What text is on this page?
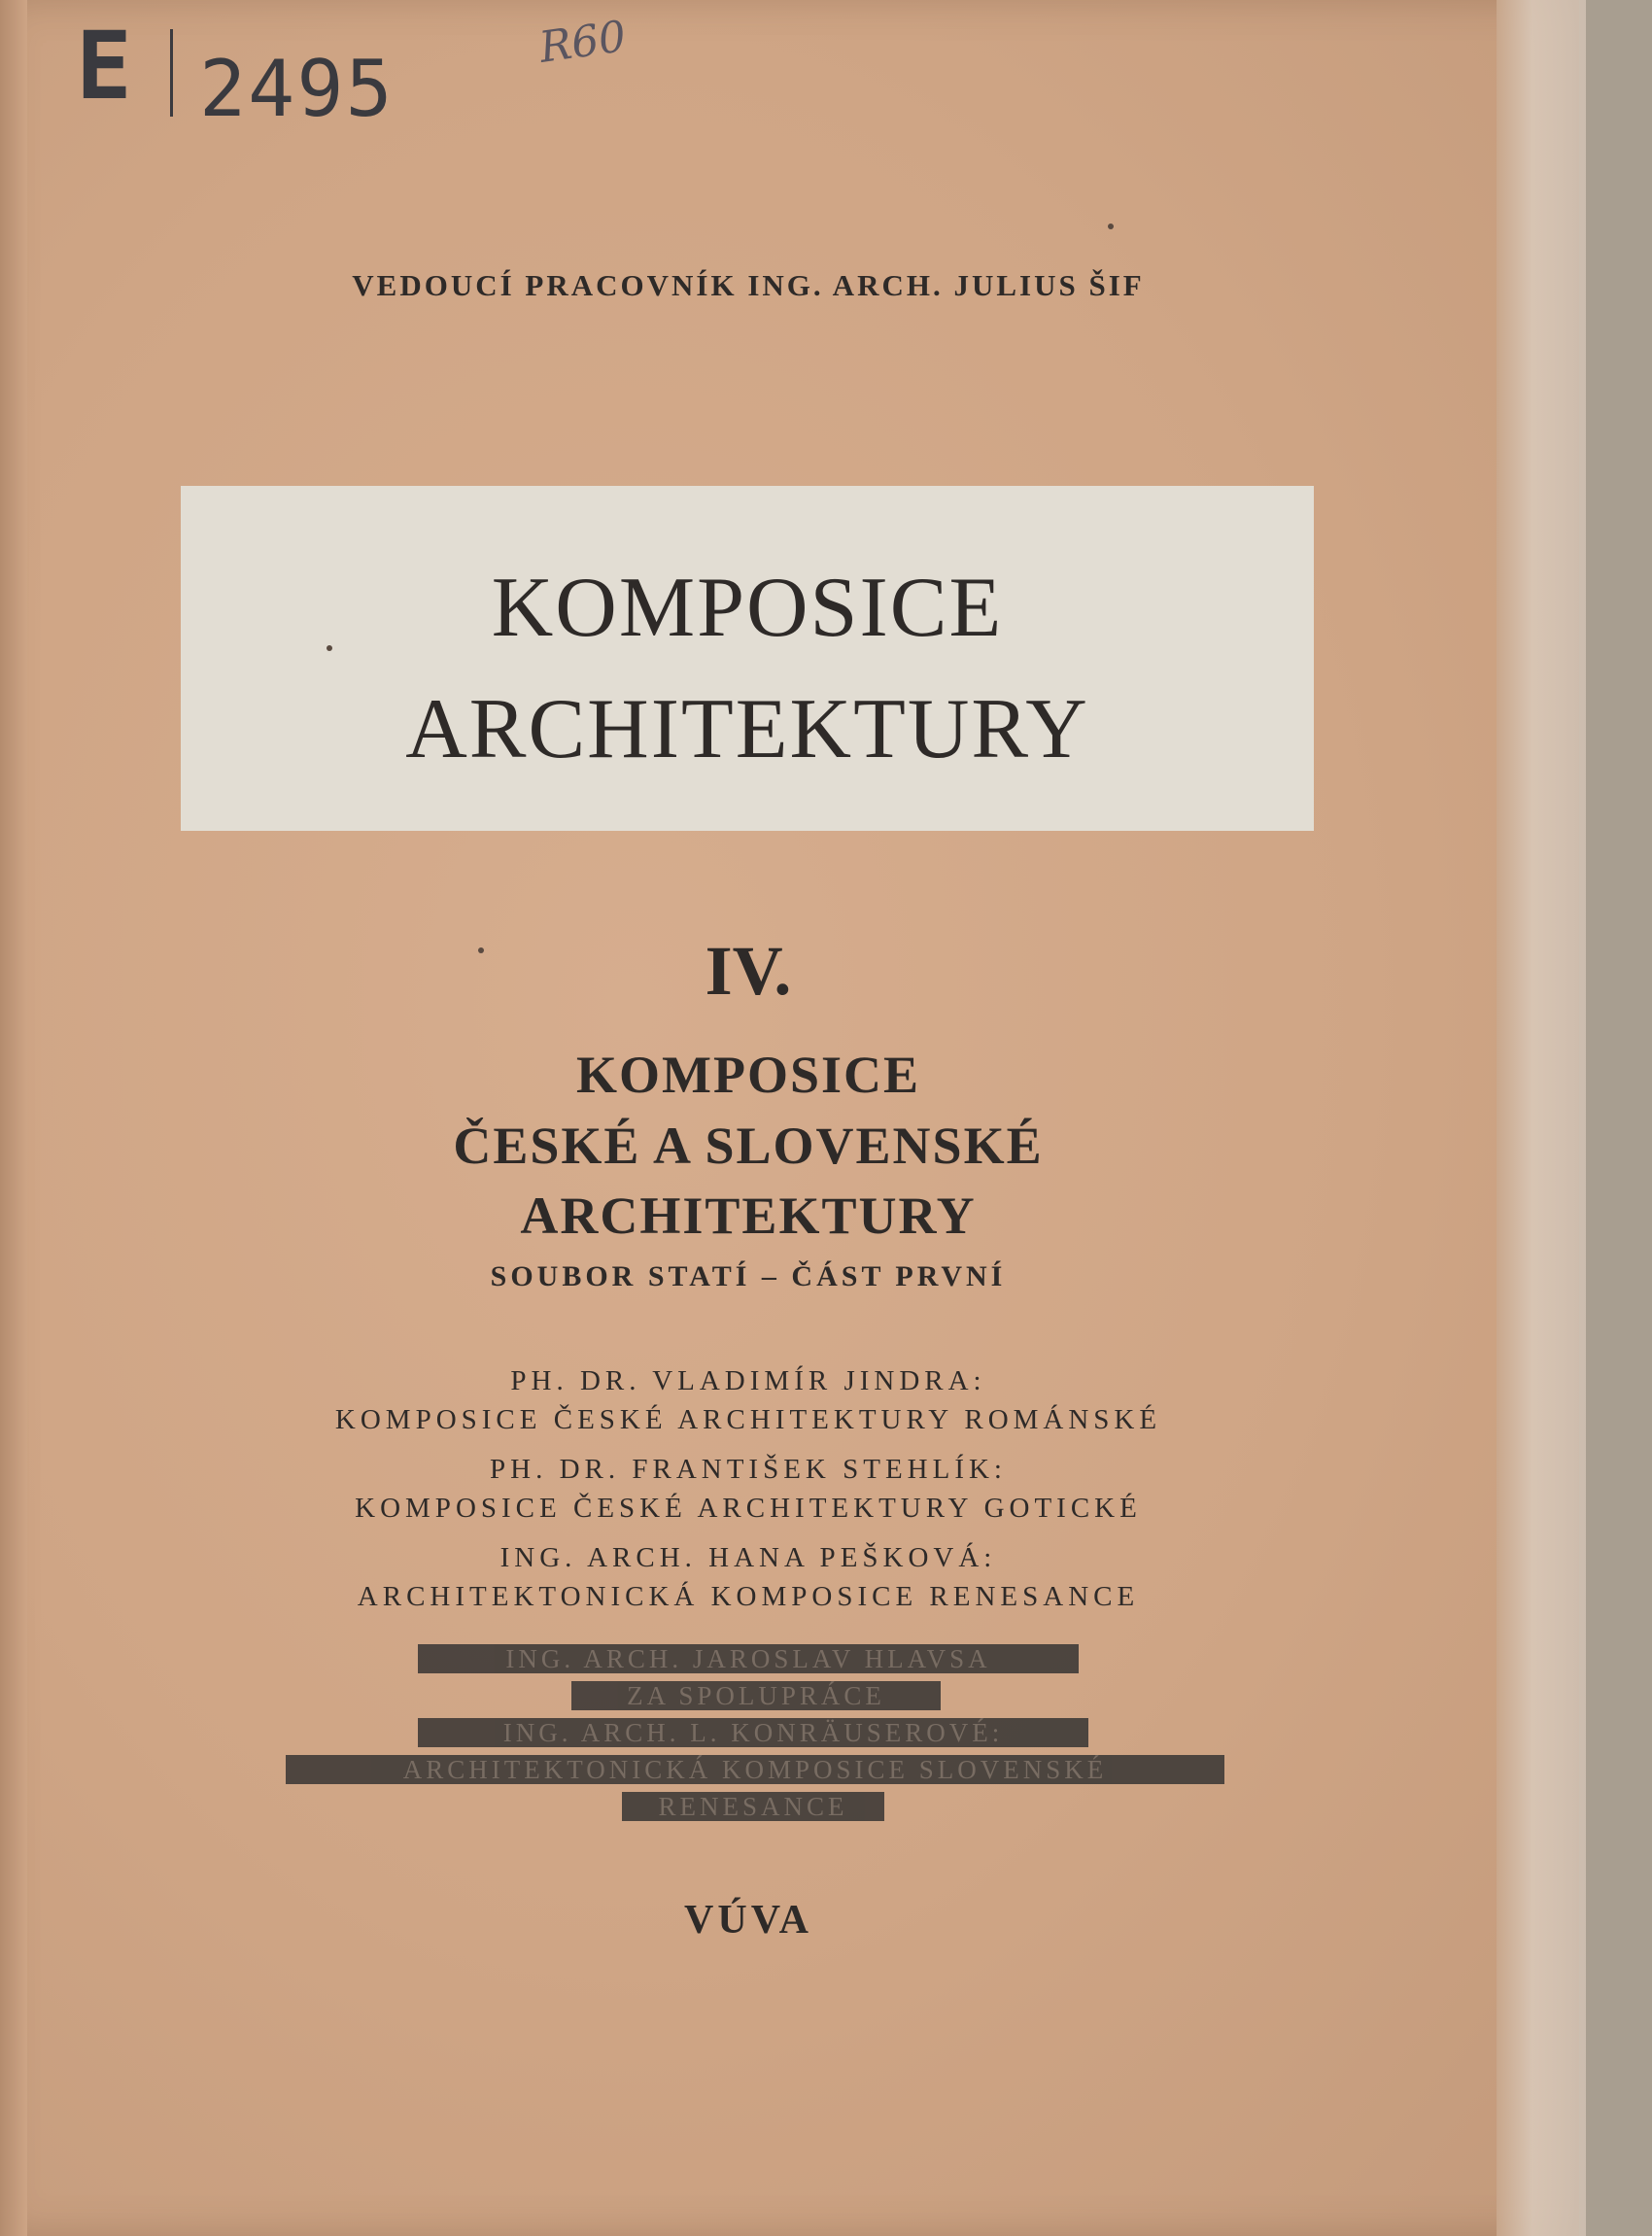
E 2495
R60
VEDOUCÍ PRACOVNÍK ING. ARCH. JULIUS ŠIF
KOMPOSICE
ARCHITEKTURY
IV.
KOMPOSICE
ČESKÉ A SLOVENSKÉ
ARCHITEKTURY
SOUBOR STATÍ – ČÁST PRVNÍ
PH. DR. VLADIMÍR JINDRA:
KOMPOSICE ČESKÉ ARCHITEKTURY ROMÁNSKÉ
PH. DR. FRANTIŠEK STEHLÍK:
KOMPOSICE ČESKÉ ARCHITEKTURY GOTICKÉ
ING. ARCH. HANA PEŠKOVÁ:
ARCHITEKTONICKÁ KOMPOSICE RENESANCE
ING. ARCH. JAROSLAV HLAVSA
ZA SPOLUPRÁCE
ING. ARCH. L. KONRÄUSEROVÉ:
ARCHITEKTONICKÁ KOMPOSICE SLOVENSKÉ
RENESANCE
VÚVA
